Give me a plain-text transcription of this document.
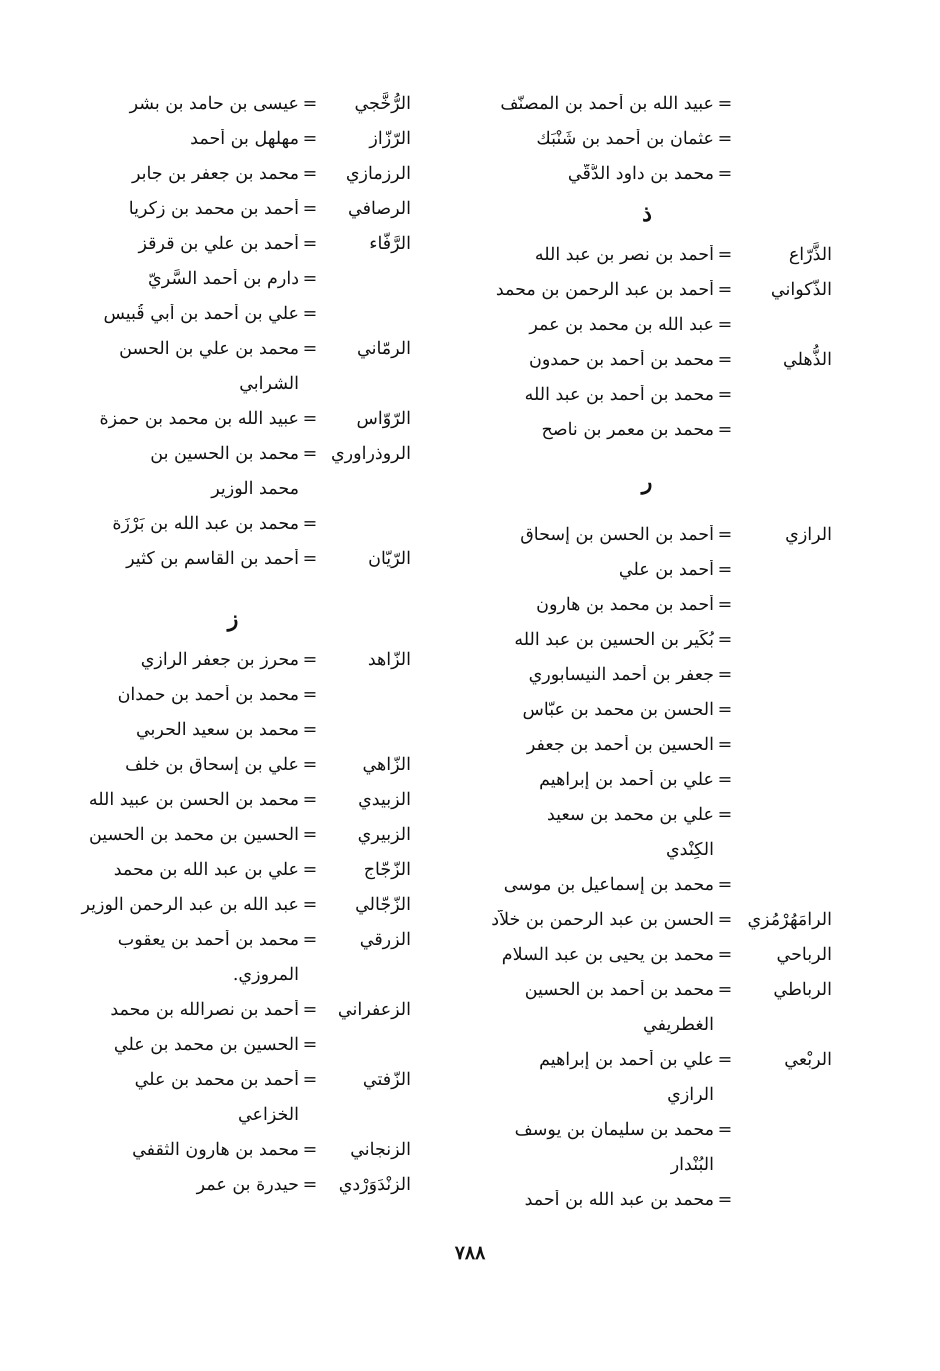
=
عبيد الله بن أحمد بن المصنّف
=
عثمان بن أحمد بن شَنْبَك
=
محمد بن داود الدُّقّي
ذ
الذَّرّاع
=
أحمد بن نصر بن عبد الله
الذّكواني
=
أحمد بن عبد الرحمن بن محمد
=
عبد الله بن محمد بن عمر
الذُّهلي
=
محمد بن أحمد بن حمدون
=
محمد بن أحمد بن عبد الله
=
محمد بن معمر بن ناصح
ر
الرازي
=
أحمد بن الحسن بن إسحاق
=
أحمد بن علي
=
أحمد بن محمد بن هارون
=
بُكَير بن الحسين بن عبد الله
=
جعفر بن أحمد النيسابوري
=
الحسن بن محمد بن عبّاس
=
الحسين بن أحمد بن جعفر
=
علي بن أحمد بن إبراهيم
=
علي بن محمد بن سعيد
الكِنْدي
=
محمد بن إسماعيل بن موسى
الرامَهُرْمُزي
=
الحسن بن عبد الرحمن بن خلاّد
الرباحي
=
محمد بن يحيى بن عبد السلام
الرباطي
=
محمد بن أحمد بن الحسين
الغطريفي
الربْعي
=
علي بن أحمد بن إبراهيم
الرازي
=
محمد بن سليمان بن يوسف
البُنْدار
=
محمد بن عبد الله بن أحمد
الرُّخَّجي
=
عيسى بن حامد بن بشر
الرّزّاز
=
مهلهل بن أحمد
الرزمازي
=
محمد بن جعفر بن جابر
الرصافي
=
أحمد بن محمد بن زكريا
الرَّفّاء
=
أحمد بن علي بن قرقز
=
دارم بن أحمد السَّريّ
=
علي بن أحمد بن أبي قُبيس
الرمّاني
=
محمد بن علي بن الحسن
الشرابي
الرّوّاس
=
عبيد الله بن محمد بن حمزة
الروذراوري
=
محمد بن الحسين بن
محمد الوزير
=
محمد بن عبد الله بن بَرْزَة
الرّيّان
=
أحمد بن القاسم بن كثير
ز
الزّاهد
=
محرز بن جعفر الرازي
=
محمد بن أحمد بن حمدان
=
محمد بن سعيد الحربي
الزّاهي
=
علي بن إسحاق بن خلف
الزبيدي
=
محمد بن الحسن بن عبيد الله
الزبيري
=
الحسين بن محمد بن الحسين
الزّجّاج
=
علي بن عبد الله بن محمد
الزّجّالي
=
عبد الله بن عبد الرحمن الوزير
الزرقي
=
محمد بن أحمد بن يعقوب
المروزي.
الزعفراني
=
أحمد بن نصرالله بن محمد
=
الحسين بن محمد بن علي
الزّفتي
=
أحمد بن محمد بن علي
الخزاعي
الزنجاني
=
محمد بن هارون الثقفي
الزنْدَوَرْدي
=
حيدرة بن عمر
٧٨٨
